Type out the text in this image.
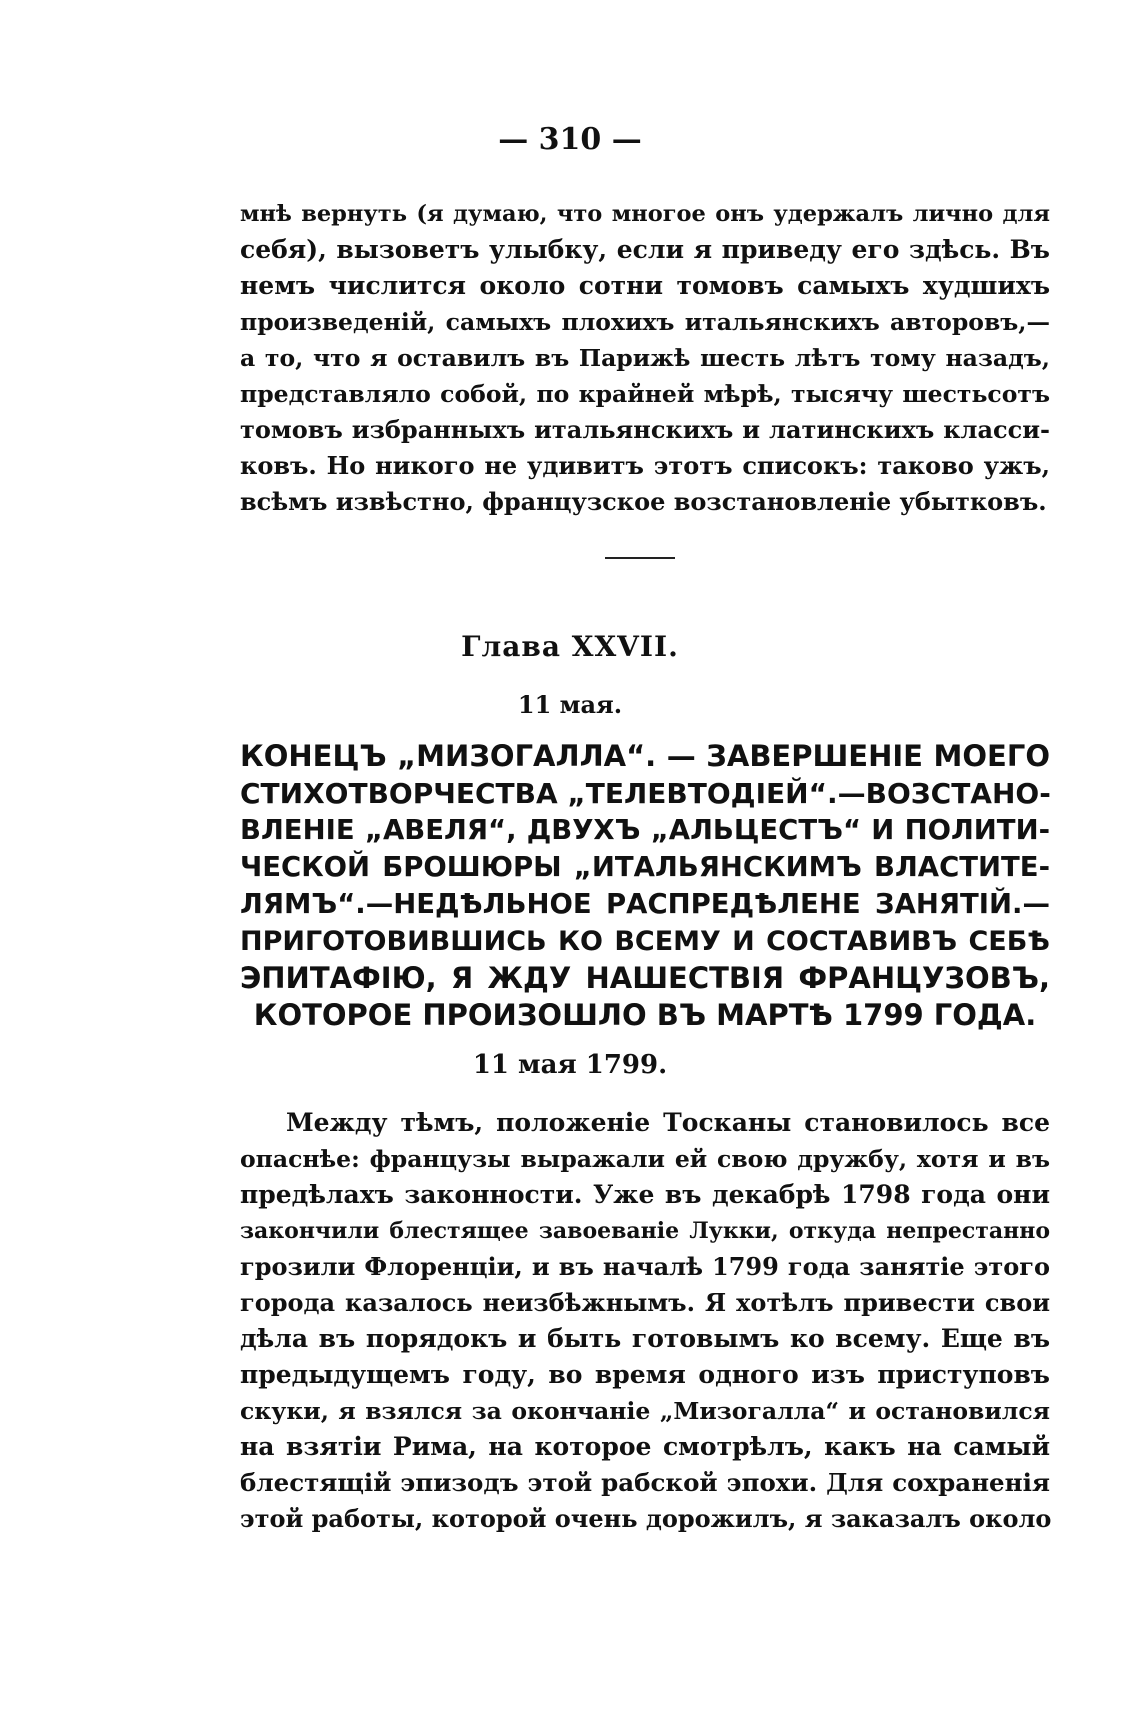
— 310 —
мнѣ вернуть (я думаю, что многое онъ удержалъ лично для
себя), вызоветъ улыбку, если я приведу его здѣсь. Въ
немъ числится около сотни томовъ самыхъ худшихъ
произведеній, самыхъ плохихъ итальянскихъ авторовъ,—
а то, что я оставилъ въ Парижѣ шесть лѣтъ тому назадъ,
представляло собой, по крайней мѣрѣ, тысячу шестьсотъ
томовъ избранныхъ итальянскихъ и латинскихъ класси-
ковъ. Но никого не удивитъ этотъ списокъ: таково ужъ,
всѣмъ извѣстно, французское возстановленіе убытковъ.
Глава XXVII.
11 мая.
КОНЕЦЪ „МИЗОГАЛЛА“. — ЗАВЕРШЕНІЕ МОЕГО
СТИХОТВОРЧЕСТВА „ТЕЛЕВТОДІЕЙ“.—ВОЗСТАНО-
ВЛЕНІЕ „АВЕЛЯ“, ДВУХЪ „АЛЬЦЕСТЪ“ И ПОЛИТИ-
ЧЕСКОЙ БРОШЮРЫ „ИТАЛЬЯНСКИМЪ ВЛАСТИТЕ-
ЛЯМЪ“.—НЕДѢЛЬНОЕ РАСПРЕДѢЛЕНЕ ЗАНЯТІЙ.—
ПРИГОТОВИВШИСЬ КО ВСЕМУ И СОСТАВИВЪ СЕБѢ
ЭПИТАФІЮ, Я ЖДУ НАШЕСТВІЯ ФРАНЦУЗОВЪ,
КОТОРОЕ ПРОИЗОШЛО ВЪ МАРТѢ 1799 ГОДА.
11 мая 1799.
Между тѣмъ, положеніе Тосканы становилось все
опаснѣе: французы выражали ей свою дружбу, хотя и въ
предѣлахъ законности. Уже въ декабрѣ 1798 года они
закончили блестящее завоеваніе Лукки, откуда непрестанно
грозили Флоренціи, и въ началѣ 1799 года занятіе этого
города казалось неизбѣжнымъ. Я хотѣлъ привести свои
дѣла въ порядокъ и быть готовымъ ко всему. Еще въ
предыдущемъ году, во время одного изъ приступовъ
скуки, я взялся за окончаніе „Мизогалла“ и остановился
на взятіи Рима, на которое смотрѣлъ, какъ на самый
блестящій эпизодъ этой рабской эпохи. Для сохраненія
этой работы, которой очень дорожилъ, я заказалъ около
